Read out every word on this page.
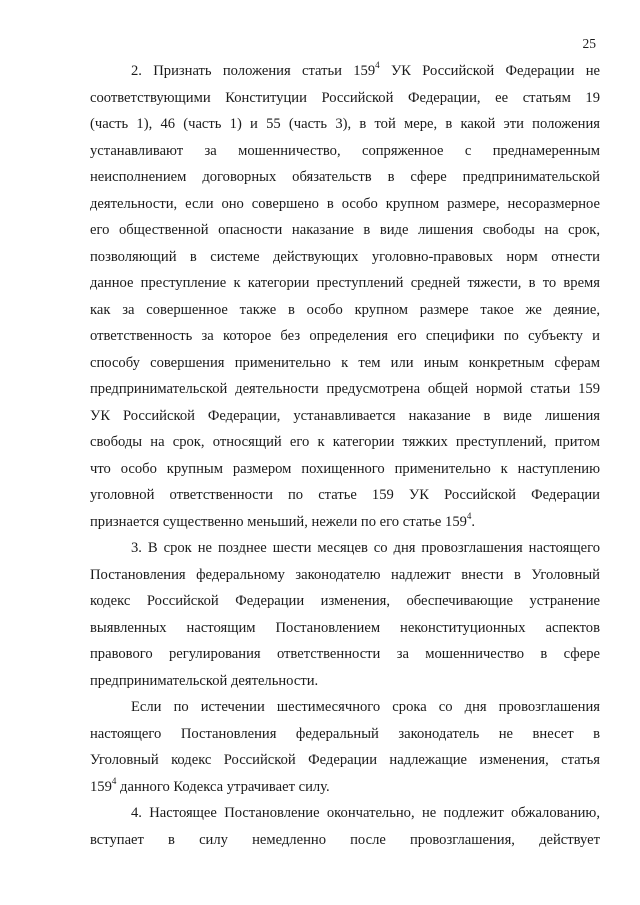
25
2. Признать положения статьи $159^4$ УК Российской Федерации не
соответствующими Конституции Российской Федерации, ее статьям 19
(часть 1), 46 (часть 1) и 55 (часть 3), в той мере, в какой эти положения
устанавливают за мошенничество, сопряженное с преднамеренным
неисполнением договорных обязательств в сфере предпринимательской
деятельности, если оно совершено в особо крупном размере, несоразмерное
его общественной опасности наказание в виде лишения свободы на срок,
позволяющий в системе действующих уголовно-правовых норм отнести
данное преступление к категории преступлений средней тяжести, в то время
как за совершенное также в особо крупном размере такое же деяние,
ответственность за которое без определения его специфики по субъекту и
способу совершения применительно к тем или иным конкретным сферам
предпринимательской деятельности предусмотрена общей нормой статьи 159
УК Российской Федерации, устанавливается наказание в виде лишения
свободы на срок, относящий его к категории тяжких преступлений, притом
что особо крупным размером похищенного применительно к наступлению
уголовной ответственности по статье 159 УК Российской Федерации
признается существенно меньший, нежели по его статье $159^4$.
3. В срок не позднее шести месяцев со дня провозглашения настоящего
Постановления федеральному законодателю надлежит внести в Уголовный
кодекс Российской Федерации изменения, обеспечивающие устранение
выявленных настоящим Постановлением неконституционных аспектов
правового регулирования ответственности за мошенничество в сфере
предпринимательской деятельности.
Если по истечении шестимесячного срока со дня провозглашения
настоящего Постановления федеральный законодатель не внесет в
Уголовный кодекс Российской Федерации надлежащие изменения, статья
$159^4$ данного Кодекса утрачивает силу.
4. Настоящее Постановление окончательно, не подлежит обжалованию,
вступает в силу немедленно после провозглашения, действует
